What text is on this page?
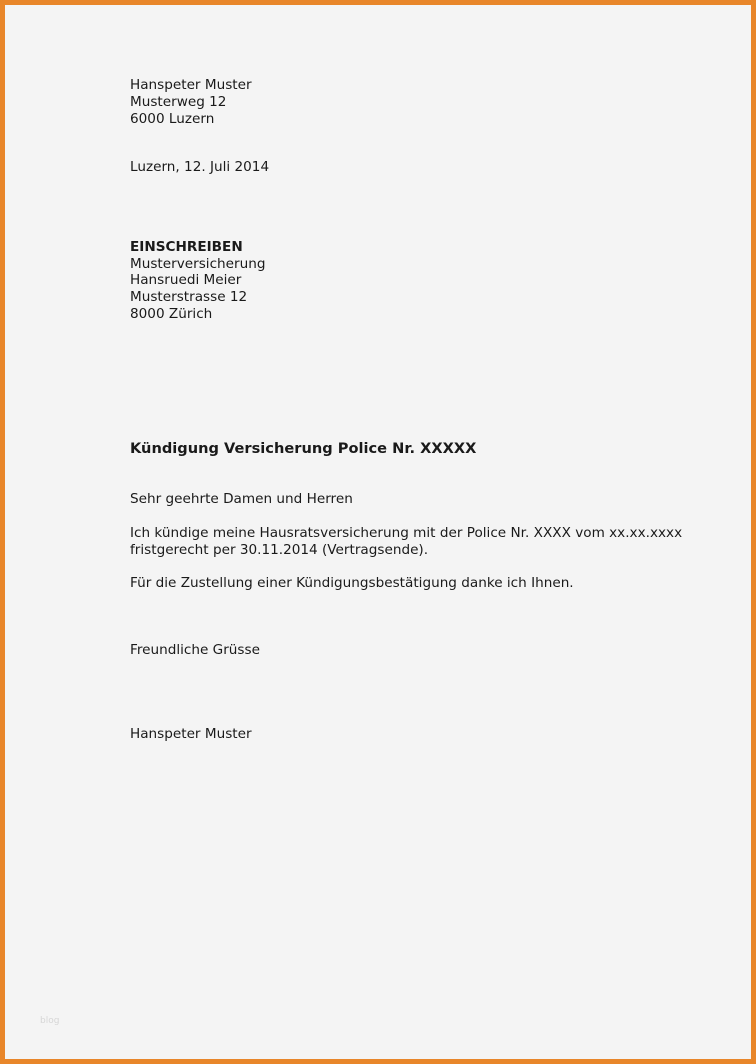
Hanspeter Muster
Musterweg 12
6000 Luzern
Luzern, 12. Juli 2014
EINSCHREIBEN
Musterversicherung
Hansruedi Meier
Musterstrasse 12
8000 Zürich
Kündigung Versicherung Police Nr. XXXXX
Sehr geehrte Damen und Herren
Ich kündige meine Hausratsversicherung mit der Police Nr. XXXX vom xx.xx.xxxx
fristgerecht per 30.11.2014 (Vertragsende).
Für die Zustellung einer Kündigungsbestätigung danke ich Ihnen.
Freundliche Grüsse
Hanspeter Muster
blog
